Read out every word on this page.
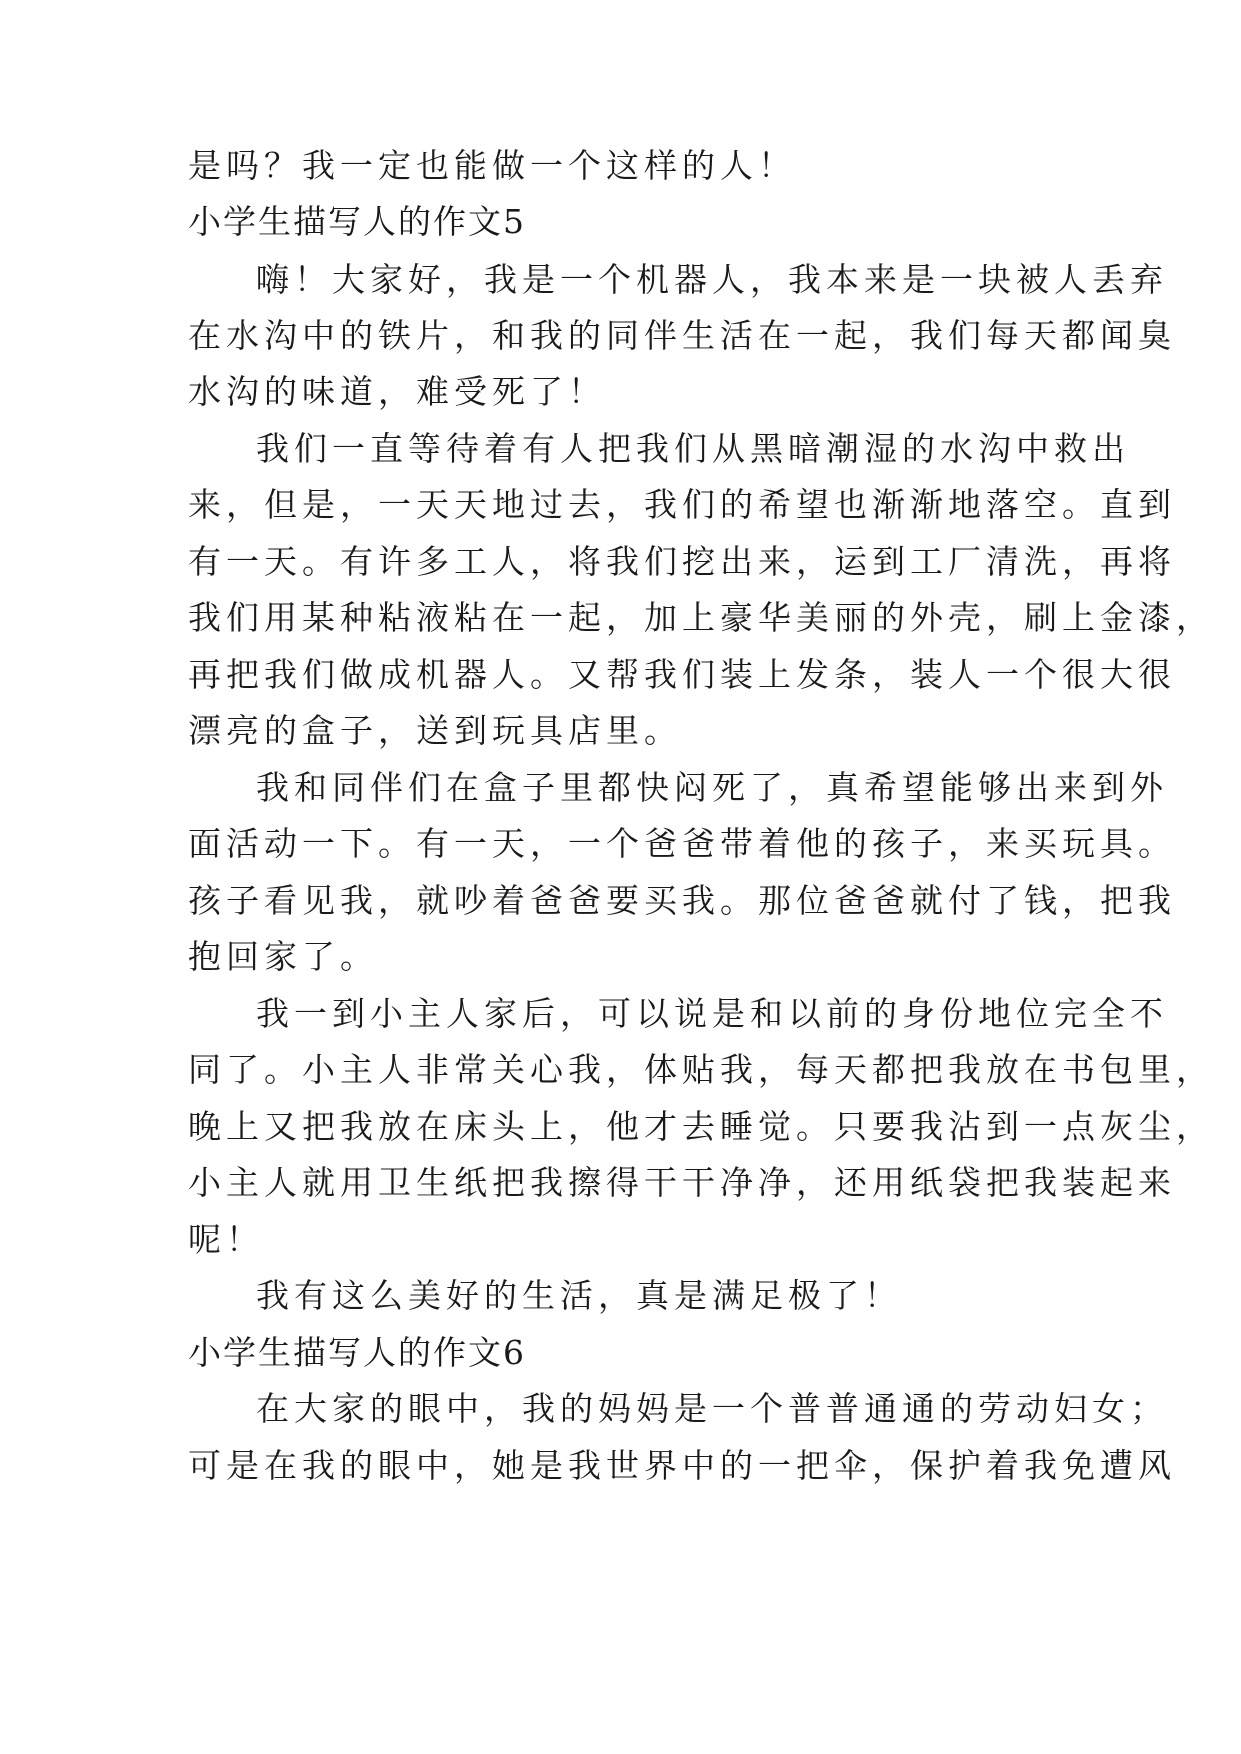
是吗？我一定也能做一个这样的人！
小学生描写人的作文5
嗨！大家好，我是一个机器人，我本来是一块被人丢弃
在水沟中的铁片，和我的同伴生活在一起，我们每天都闻臭
水沟的味道，难受死了！
我们一直等待着有人把我们从黑暗潮湿的水沟中救出
来，但是，一天天地过去，我们的希望也渐渐地落空。直到
有一天。有许多工人，将我们挖出来，运到工厂清洗，再将
我们用某种粘液粘在一起，加上豪华美丽的外壳，刷上金漆，
再把我们做成机器人。又帮我们装上发条，装人一个很大很
漂亮的盒子，送到玩具店里。
我和同伴们在盒子里都快闷死了，真希望能够出来到外
面活动一下。有一天，一个爸爸带着他的孩子，来买玩具。
孩子看见我，就吵着爸爸要买我。那位爸爸就付了钱，把我
抱回家了。
我一到小主人家后，可以说是和以前的身份地位完全不
同了。小主人非常关心我，体贴我，每天都把我放在书包里，
晚上又把我放在床头上，他才去睡觉。只要我沾到一点灰尘，
小主人就用卫生纸把我擦得干干净净，还用纸袋把我装起来
呢！
我有这么美好的生活，真是满足极了！
小学生描写人的作文6
在大家的眼中，我的妈妈是一个普普通通的劳动妇女；
可是在我的眼中，她是我世界中的一把伞，保护着我免遭风
